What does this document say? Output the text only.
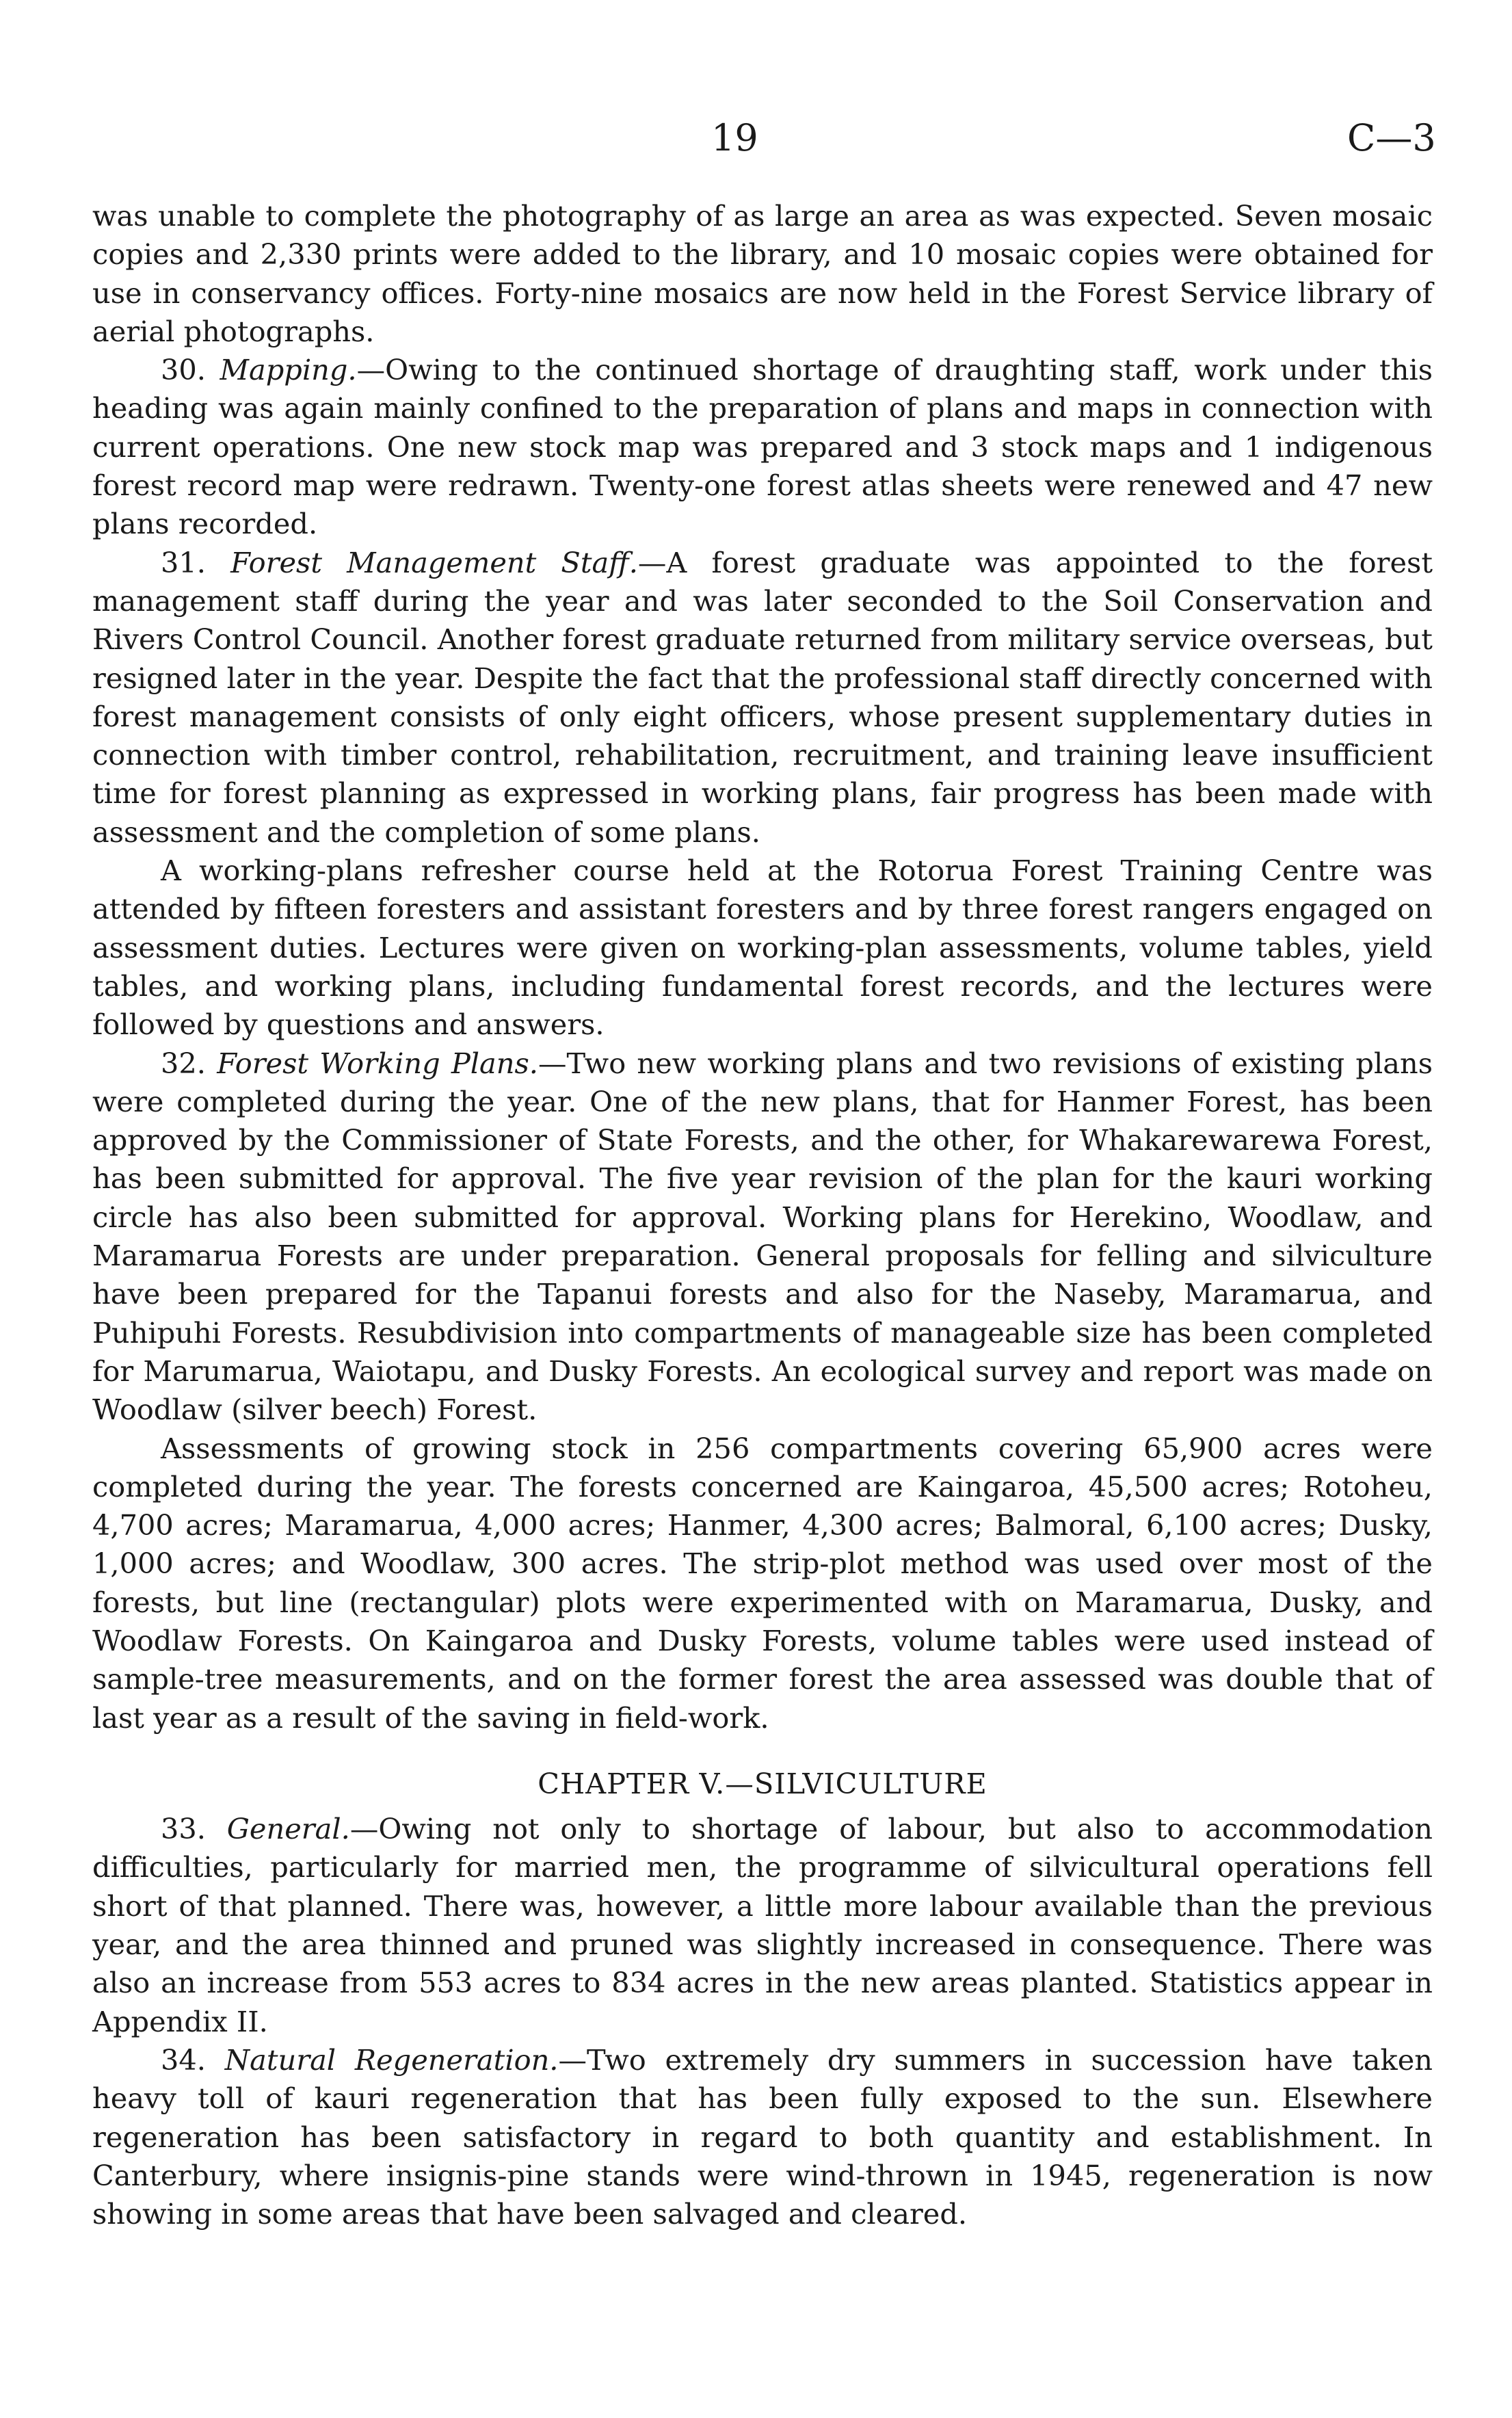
19	C—3

was unable to complete the photography of as large an area as was expected. Seven mosaic copies and 2,330 prints were added to the library, and 10 mosaic copies were obtained for use in conservancy offices. Forty-nine mosaics are now held in the Forest Service library of aerial photographs.

30. Mapping.—Owing to the continued shortage of draughting staff, work under this heading was again mainly confined to the preparation of plans and maps in connection with current operations. One new stock map was prepared and 3 stock maps and 1 indigenous forest record map were redrawn. Twenty-one forest atlas sheets were renewed and 47 new plans recorded.

31. Forest Management Staff.—A forest graduate was appointed to the forest management staff during the year and was later seconded to the Soil Conservation and Rivers Control Council. Another forest graduate returned from military service overseas, but resigned later in the year. Despite the fact that the professional staff directly concerned with forest management consists of only eight officers, whose present supplementary duties in connection with timber control, rehabilitation, recruitment, and training leave insufficient time for forest planning as expressed in working plans, fair progress has been made with assessment and the completion of some plans.

A working-plans refresher course held at the Rotorua Forest Training Centre was attended by fifteen foresters and assistant foresters and by three forest rangers engaged on assessment duties. Lectures were given on working-plan assessments, volume tables, yield tables, and working plans, including fundamental forest records, and the lectures were followed by questions and answers.

32. Forest Working Plans.—Two new working plans and two revisions of existing plans were completed during the year. One of the new plans, that for Hanmer Forest, has been approved by the Commissioner of State Forests, and the other, for Whakarewarewa Forest, has been submitted for approval. The five year revision of the plan for the kauri working circle has also been submitted for approval. Working plans for Herekino, Woodlaw, and Maramarua Forests are under preparation. General proposals for felling and silviculture have been prepared for the Tapanui forests and also for the Naseby, Maramarua, and Puhipuhi Forests. Resubdivision into compartments of manageable size has been completed for Marumarua, Waiotapu, and Dusky Forests. An ecological survey and report was made on Woodlaw (silver beech) Forest.

Assessments of growing stock in 256 compartments covering 65,900 acres were completed during the year. The forests concerned are Kaingaroa, 45,500 acres; Rotoheu, 4,700 acres; Maramarua, 4,000 acres; Hanmer, 4,300 acres; Balmoral, 6,100 acres; Dusky, 1,000 acres; and Woodlaw, 300 acres. The strip-plot method was used over most of the forests, but line (rectangular) plots were experimented with on Maramarua, Dusky, and Woodlaw Forests. On Kaingaroa and Dusky Forests, volume tables were used instead of sample-tree measurements, and on the former forest the area assessed was double that of last year as a result of the saving in field-work.

CHAPTER V.—SILVICULTURE

33. General.—Owing not only to shortage of labour, but also to accommodation difficulties, particularly for married men, the programme of silvicultural operations fell short of that planned. There was, however, a little more labour available than the previous year, and the area thinned and pruned was slightly increased in consequence. There was also an increase from 553 acres to 834 acres in the new areas planted. Statistics appear in Appendix II.

34. Natural Regeneration.—Two extremely dry summers in succession have taken heavy toll of kauri regeneration that has been fully exposed to the sun. Elsewhere regeneration has been satisfactory in regard to both quantity and establishment. In Canterbury, where insignis-pine stands were wind-thrown in 1945, regeneration is now showing in some areas that have been salvaged and cleared.
